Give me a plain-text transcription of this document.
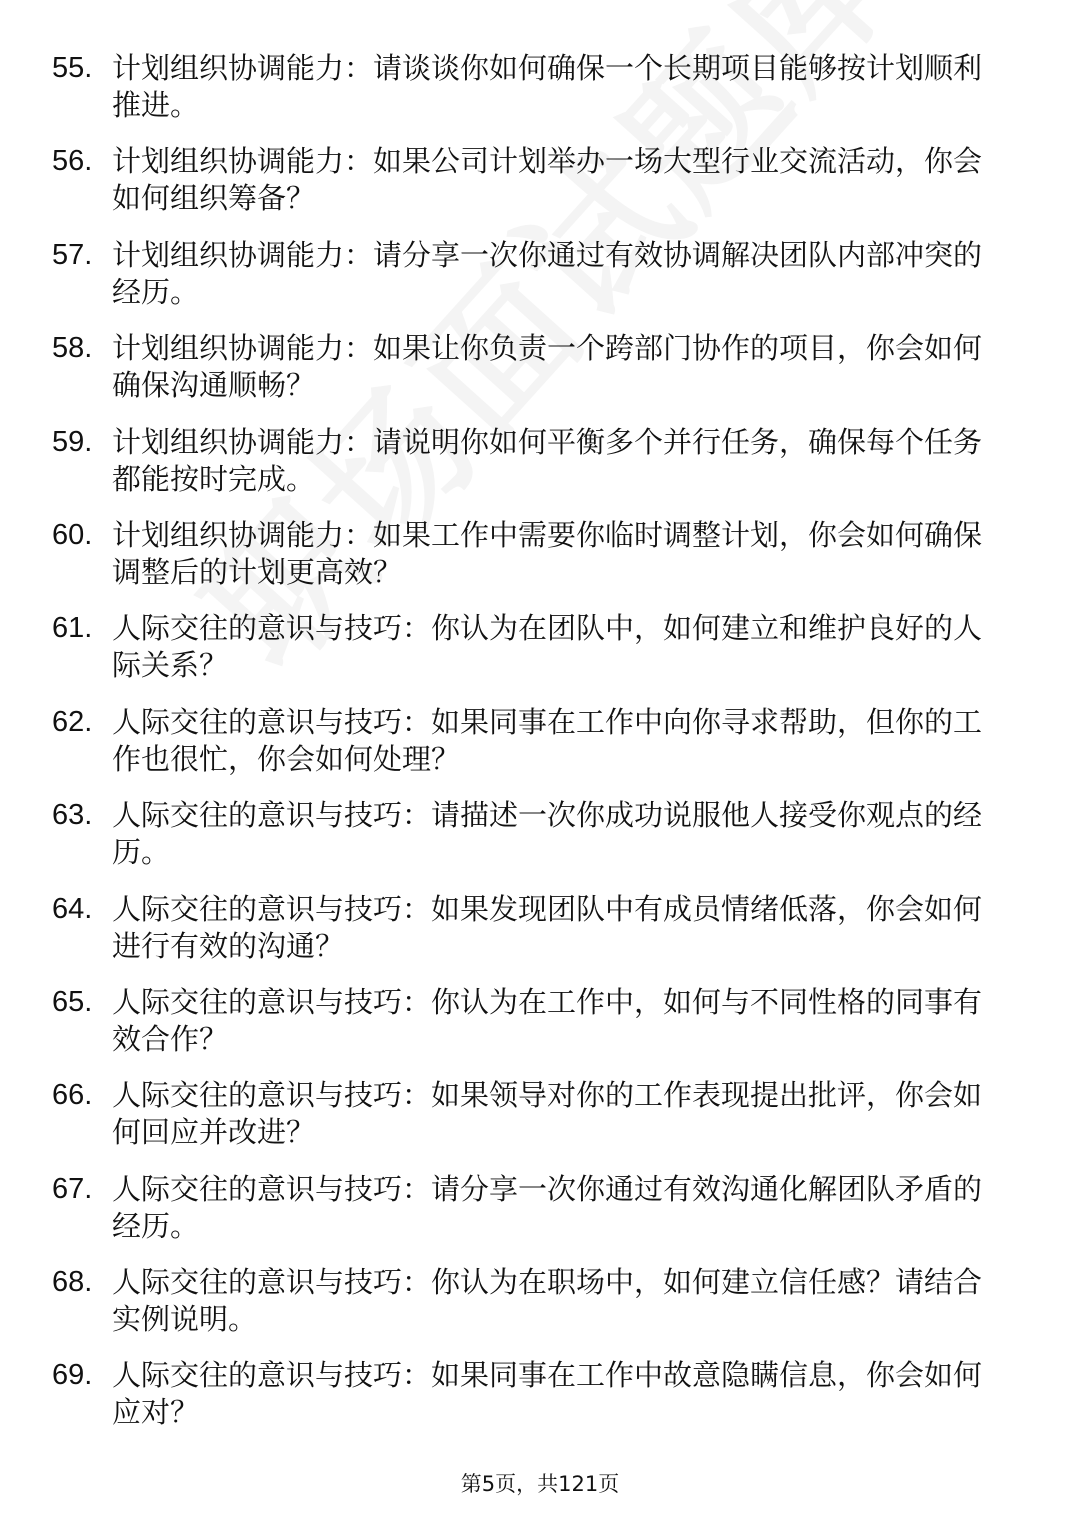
55. 计划组织协调能力：请谈谈你如何确保一个长期项目能够按计划顺利推进。
56. 计划组织协调能力：如果公司计划举办一场大型行业交流活动，你会如何组织筹备？
57. 计划组织协调能力：请分享一次你通过有效协调解决团队内部冲突的经历。
58. 计划组织协调能力：如果让你负责一个跨部门协作的项目，你会如何确保沟通顺畅？
59. 计划组织协调能力：请说明你如何平衡多个并行任务，确保每个任务都能按时完成。
60. 计划组织协调能力：如果工作中需要你临时调整计划，你会如何确保调整后的计划更高效？
61. 人际交往的意识与技巧：你认为在团队中，如何建立和维护良好的人际关系？
62. 人际交往的意识与技巧：如果同事在工作中向你寻求帮助，但你的工作也很忙，你会如何处理？
63. 人际交往的意识与技巧：请描述一次你成功说服他人接受你观点的经历。
64. 人际交往的意识与技巧：如果发现团队中有成员情绪低落，你会如何进行有效的沟通？
65. 人际交往的意识与技巧：你认为在工作中，如何与不同性格的同事有效合作？
66. 人际交往的意识与技巧：如果领导对你的工作表现提出批评，你会如何回应并改进？
67. 人际交往的意识与技巧：请分享一次你通过有效沟通化解团队矛盾的经历。
68. 人际交往的意识与技巧：你认为在职场中，如何建立信任感？请结合实例说明。
69. 人际交往的意识与技巧：如果同事在工作中故意隐瞒信息，你会如何应对？
第5页，共121页
